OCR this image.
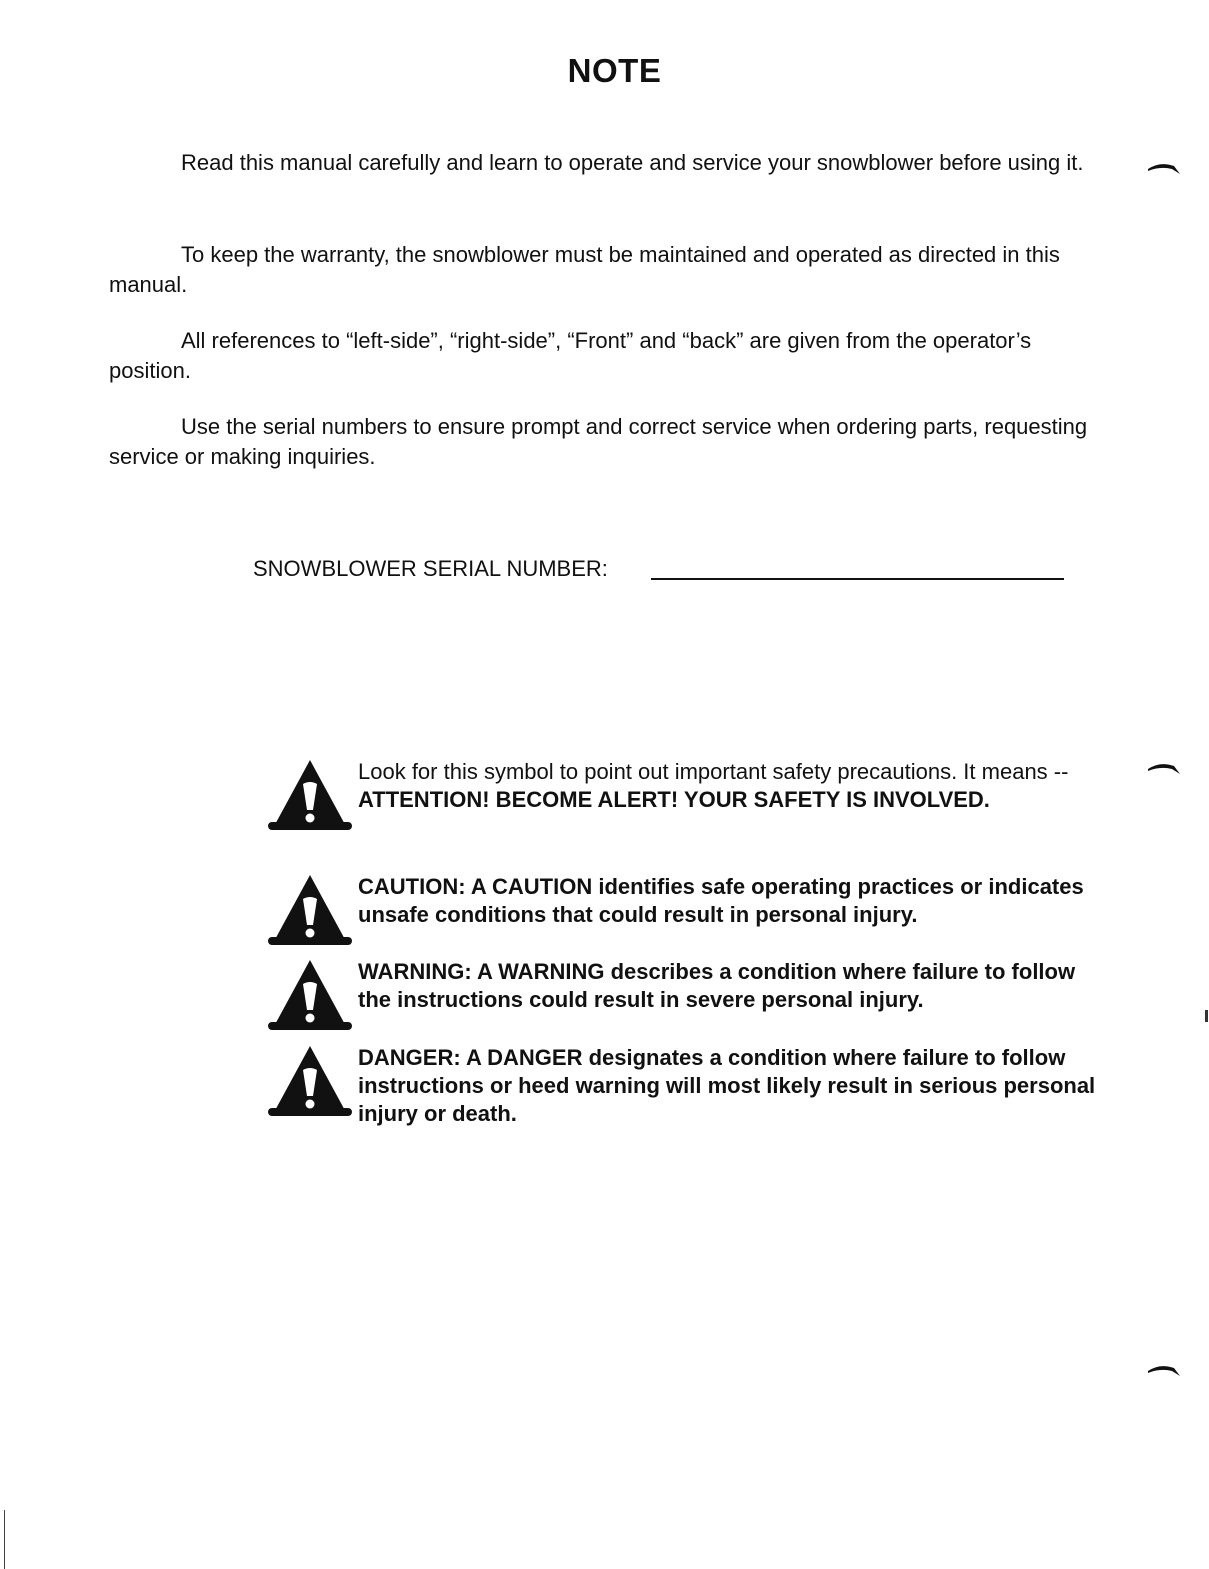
NOTE
Read this manual carefully and learn to operate and service your snowblower before using it.
To keep the warranty, the snowblower must be maintained and operated as directed in this manual.
All references to “left-side”, “right-side”, “Front” and “back” are given from the operator’s position.
Use the serial numbers to ensure prompt and correct service when ordering parts, requesting service or making inquiries.
SNOWBLOWER SERIAL NUMBER:
Look for this symbol to point out important safety precautions. It means -- ATTENTION! BECOME ALERT! YOUR SAFETY IS INVOLVED.
CAUTION: A CAUTION identifies safe operating practices or indicates unsafe conditions that could result in personal injury.
WARNING: A WARNING describes a condition where failure to follow the instructions could result in severe personal injury.
DANGER: A DANGER designates a condition where failure to follow instructions or heed warning will most likely result in serious personal injury or death.
